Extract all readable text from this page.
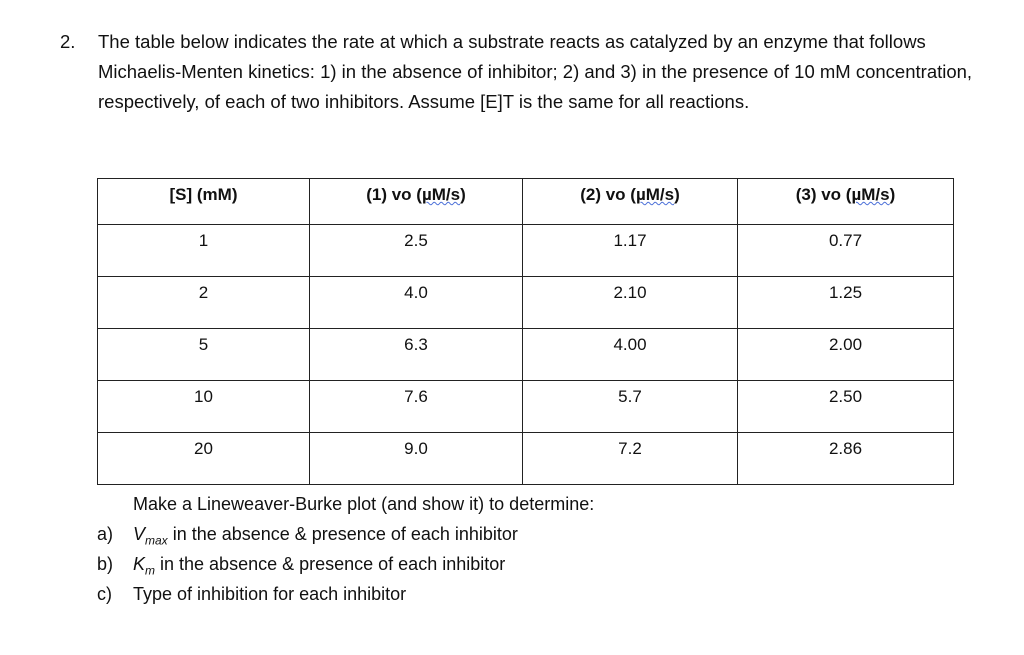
2. The table below indicates the rate at which a substrate reacts as catalyzed by an enzyme that follows Michaelis-Menten kinetics: 1) in the absence of inhibitor; 2) and 3) in the presence of 10 mM concentration, respectively, of each of two inhibitors. Assume [E]T is the same for all reactions.
[S] (mM)	(1) vo (µM/s)	(2) vo (µM/s)	(3) vo (µM/s)
1	2.5	1.17	0.77
2	4.0	2.10	1.25
5	6.3	4.00	2.00
10	7.6	5.7	2.50
20	9.0	7.2	2.86
Make a Lineweaver-Burke plot (and show it) to determine:
a) $V_{max}$ in the absence & presence of each inhibitor
b) $K_m$ in the absence & presence of each inhibitor
c) Type of inhibition for each inhibitor
